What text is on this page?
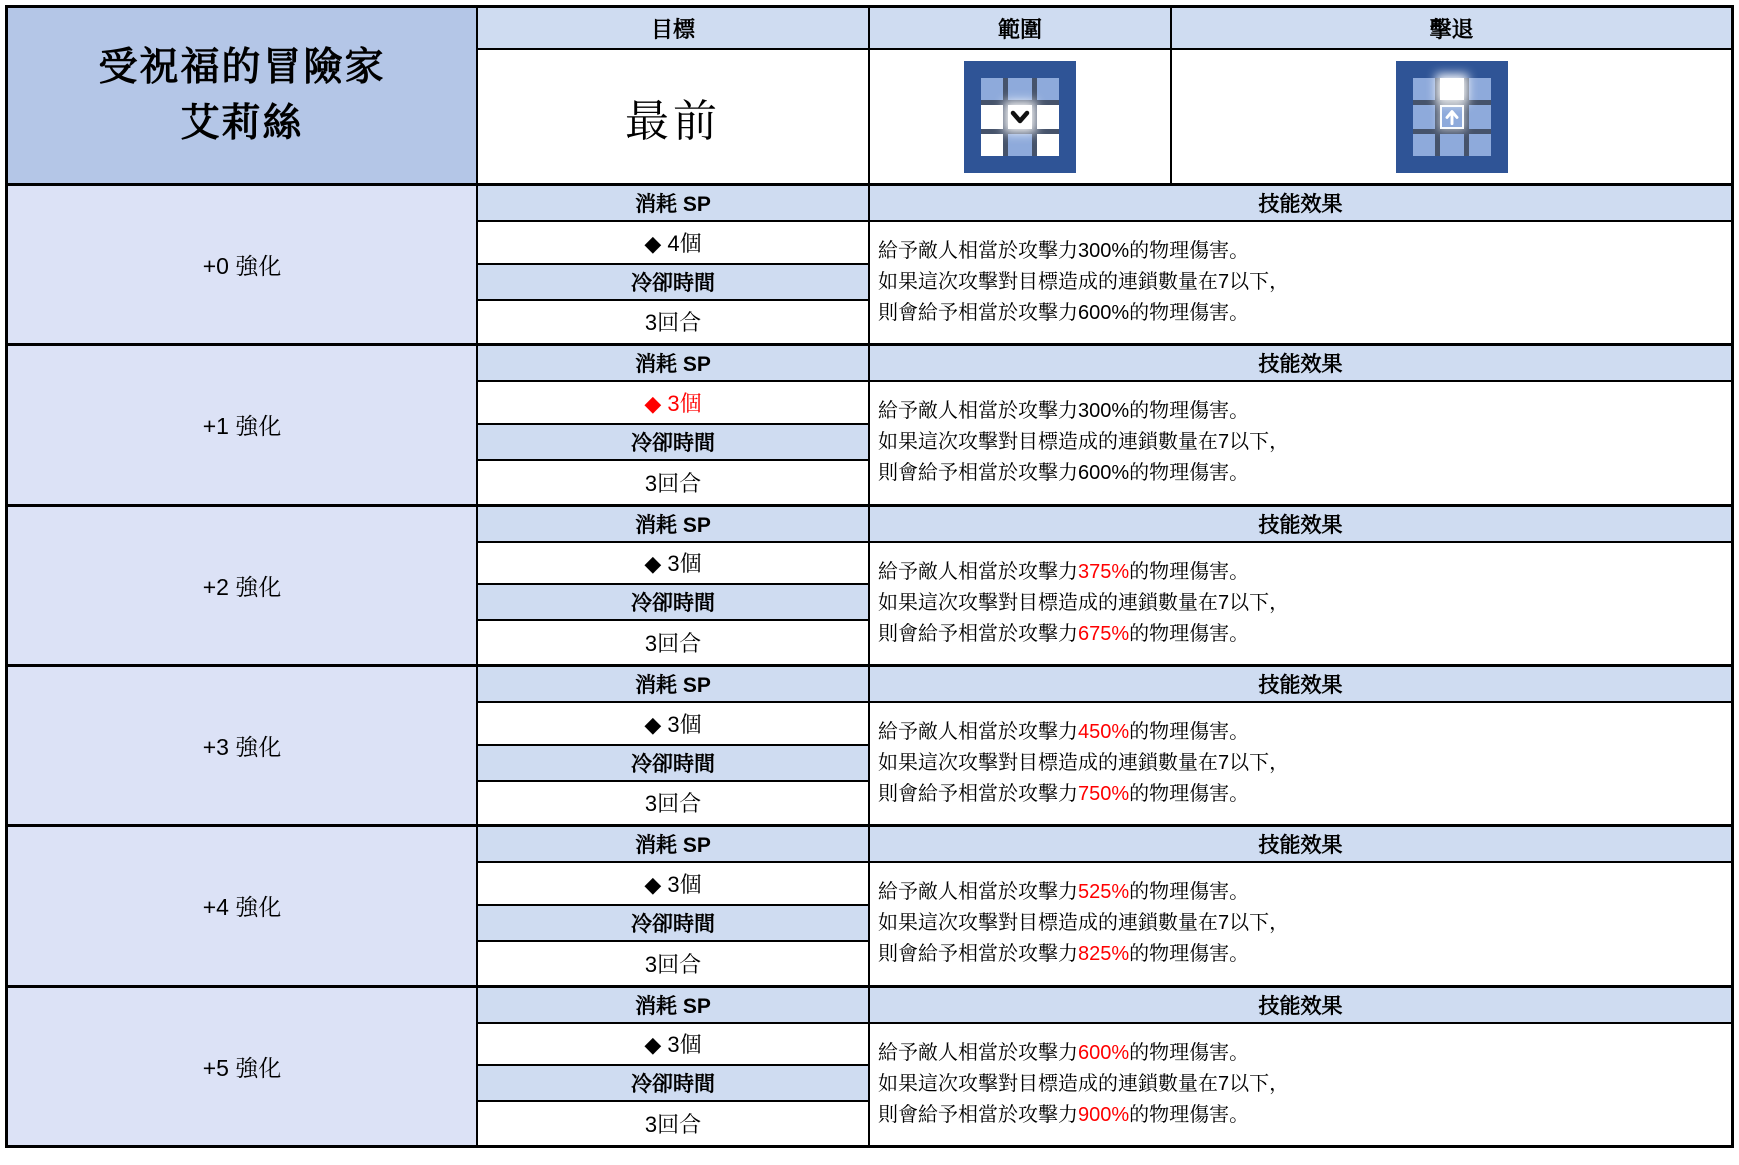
受祝福的冒險家
艾莉絲
目標
最前
範圍	擊退
+0 強化
消耗 SP
◆ 4個
冷卻時間
3回合
技能效果
給予敵人相當於攻擊力300%的物理傷害。
如果這次攻擊對目標造成的連鎖數量在7以下，
則會給予相當於攻擊力600%的物理傷害。
+1 強化
消耗 SP
◆ 3個
冷卻時間
3回合
技能效果
給予敵人相當於攻擊力300%的物理傷害。
如果這次攻擊對目標造成的連鎖數量在7以下，
則會給予相當於攻擊力600%的物理傷害。
+2 強化
消耗 SP
◆ 3個
冷卻時間
3回合
技能效果
給予敵人相當於攻擊力375%的物理傷害。
如果這次攻擊對目標造成的連鎖數量在7以下，
則會給予相當於攻擊力675%的物理傷害。
+3 強化
消耗 SP
◆ 3個
冷卻時間
3回合
技能效果
給予敵人相當於攻擊力450%的物理傷害。
如果這次攻擊對目標造成的連鎖數量在7以下，
則會給予相當於攻擊力750%的物理傷害。
+4 強化
消耗 SP
◆ 3個
冷卻時間
3回合
技能效果
給予敵人相當於攻擊力525%的物理傷害。
如果這次攻擊對目標造成的連鎖數量在7以下，
則會給予相當於攻擊力825%的物理傷害。
+5 強化
消耗 SP
◆ 3個
冷卻時間
3回合
技能效果
給予敵人相當於攻擊力600%的物理傷害。
如果這次攻擊對目標造成的連鎖數量在7以下，
則會給予相當於攻擊力900%的物理傷害。
